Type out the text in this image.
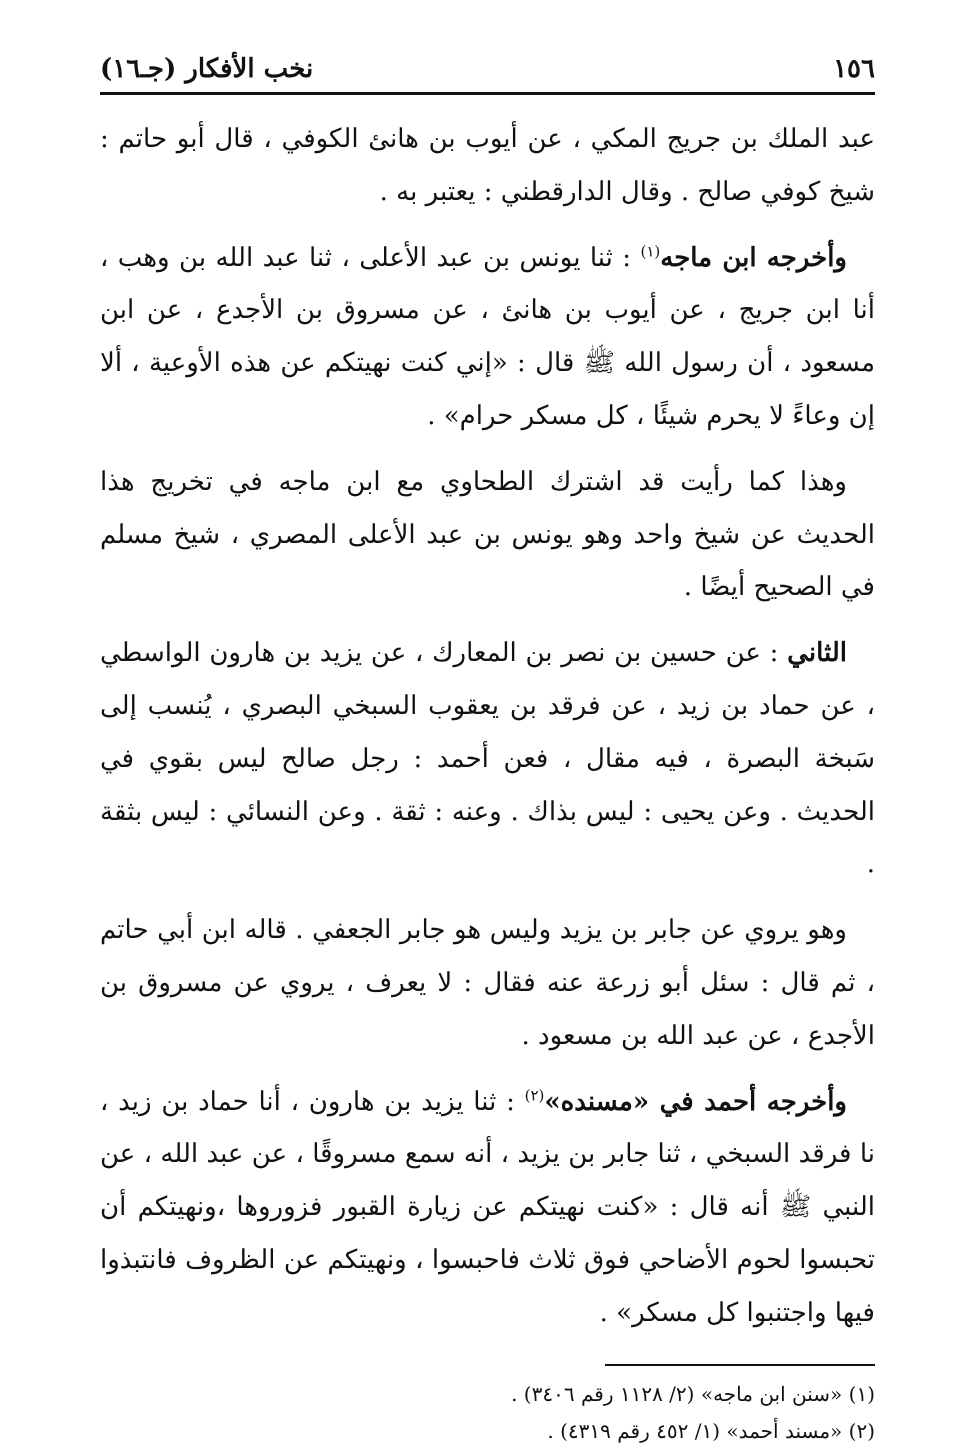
١٥٦
نخب الأفكار (جـ١٦)

عبد الملك بن جريج المكي ، عن أيوب بن هانئ الكوفي ، قال أبو حاتم : شيخ كوفي صالح . وقال الدارقطني : يعتبر به .

وأخرجه ابن ماجه$^{(١)}$ : ثنا يونس بن عبد الأعلى ، ثنا عبد الله بن وهب ، أنا ابن جريج ، عن أيوب بن هانئ ، عن مسروق بن الأجدع ، عن ابن مسعود ، أن رسول الله ﷺ قال : «إني كنت نهيتكم عن هذه الأوعية ، ألا إن وعاءً لا يحرم شيئًا ، كل مسكر حرام» .

وهذا كما رأيت قد اشترك الطحاوي مع ابن ماجه في تخريج هذا الحديث عن شيخ واحد وهو يونس بن عبد الأعلى المصري ، شيخ مسلم في الصحيح أيضًا .

الثاني : عن حسين بن نصر بن المعارك ، عن يزيد بن هارون الواسطي ، عن حماد بن زيد ، عن فرقد بن يعقوب السبخي البصري ، يُنسب إلى سَبخة البصرة ، فيه مقال ، فعن أحمد : رجل صالح ليس بقوي في الحديث . وعن يحيى : ليس بذاك . وعنه : ثقة . وعن النسائي : ليس بثقة .

وهو يروي عن جابر بن يزيد وليس هو جابر الجعفي . قاله ابن أبي حاتم ، ثم قال : سئل أبو زرعة عنه فقال : لا يعرف ، يروي عن مسروق بن الأجدع ، عن عبد الله بن مسعود .

وأخرجه أحمد في «مسنده»$^{(٢)}$ : ثنا يزيد بن هارون ، أنا حماد بن زيد ، نا فرقد السبخي ، ثنا جابر بن يزيد ، أنه سمع مسروقًا ، عن عبد الله ، عن النبي ﷺ أنه قال : «كنت نهيتكم عن زيارة القبور فزوروها ،ونهيتكم أن تحبسوا لحوم الأضاحي فوق ثلاث فاحبسوا ، ونهيتكم عن الظروف فانتبذوا فيها واجتنبوا كل مسكر» .

(١) «سنن ابن ماجه» (٢/ ١١٢٨ رقم ٣٤٠٦) .

(٢) «مسند أحمد» (١/ ٤٥٢ رقم ٤٣١٩) .
